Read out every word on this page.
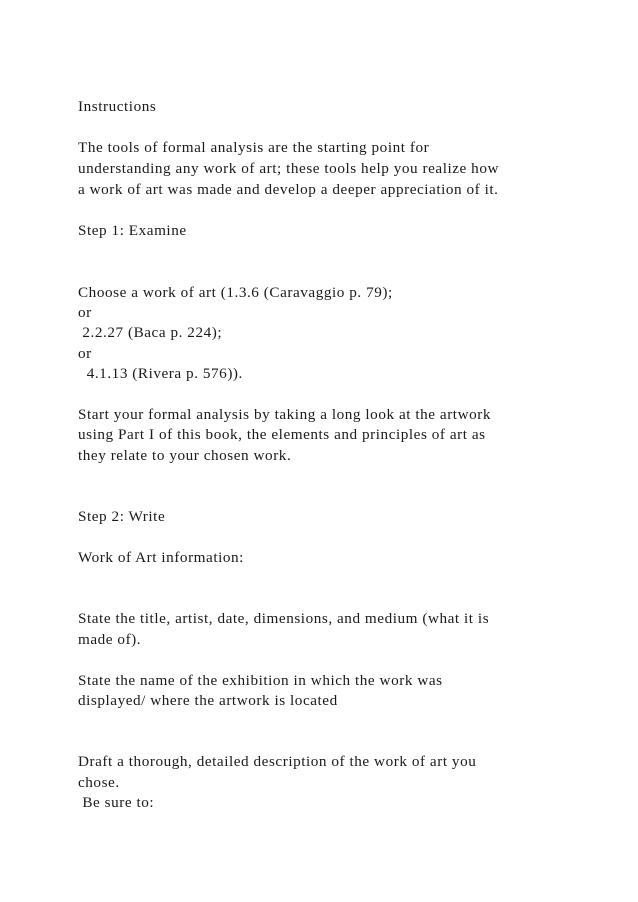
Instructions

The tools of formal analysis are the starting point for

understanding any work of art; these tools help you realize how

a work of art was made and develop a deeper appreciation of it.

Step 1: Examine

Choose a work of art (1.3.6 (Caravaggio p. 79);

or

2.2.27 (Baca p. 224);

or

4.1.13 (Rivera p. 576)).

Start your formal analysis by taking a long look at the artwork

using Part I of this book, the elements and principles of art as

they relate to your chosen work.

Step 2: Write

Work of Art information:

State the title, artist, date, dimensions, and medium (what it is

made of).

State the name of the exhibition in which the work was

displayed/ where the artwork is located

Draft a thorough, detailed description of the work of art you

chose.

Be sure to:
